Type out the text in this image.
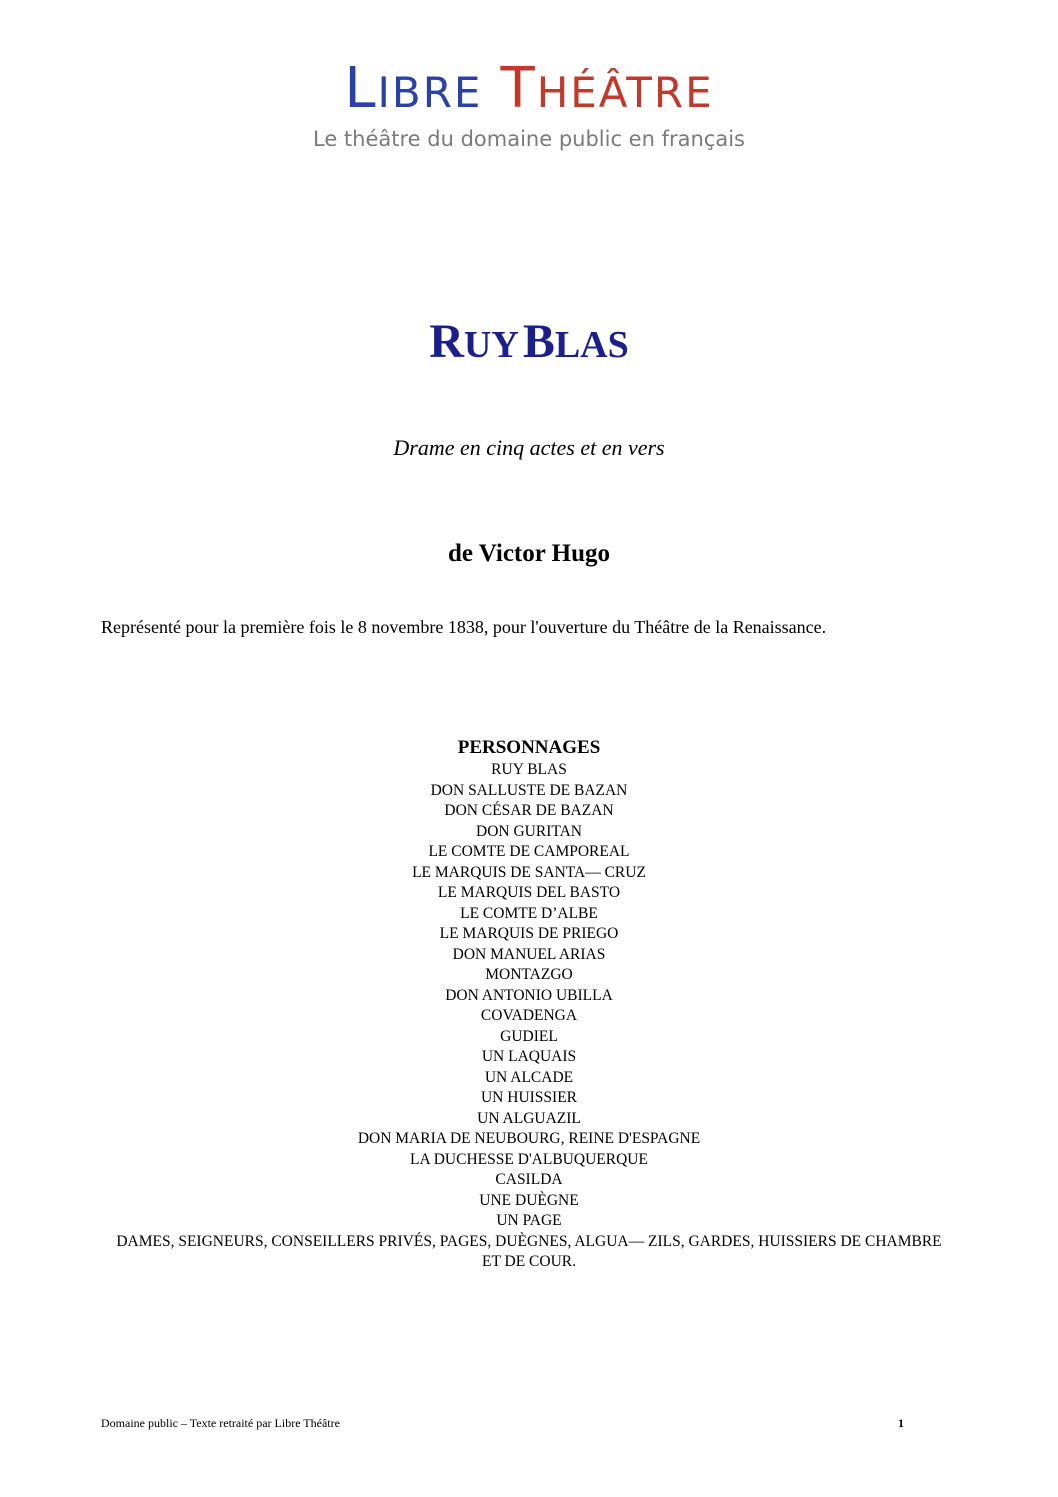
LIBRE THÉÂTRE
Le théâtre du domaine public en français
RUY BLAS
Drame en cinq actes et en vers
de Victor Hugo
Représenté pour la première fois le 8 novembre 1838, pour l'ouverture du Théâtre de la Renaissance.
PERSONNAGES
RUY BLAS
DON SALLUSTE DE BAZAN
DON CÉSAR DE BAZAN
DON GURITAN
LE COMTE DE CAMPOREAL
LE MARQUIS DE SANTA— CRUZ
LE MARQUIS DEL BASTO
LE COMTE D’ALBE
LE MARQUIS DE PRIEGO
DON MANUEL ARIAS
MONTAZGO
DON ANTONIO UBILLA
COVADENGA
GUDIEL
UN LAQUAIS
UN ALCADE
UN HUISSIER
UN ALGUAZIL
DON MARIA DE NEUBOURG, REINE D'ESPAGNE
LA DUCHESSE D'ALBUQUERQUE
CASILDA
UNE DUÈGNE
UN PAGE
DAMES, SEIGNEURS, CONSEILLERS PRIVÉS, PAGES, DUÈGNES, ALGUA— ZILS, GARDES, HUISSIERS DE CHAMBRE ET DE COUR.
Domaine public – Texte retraité par Libre Théâtre	1
